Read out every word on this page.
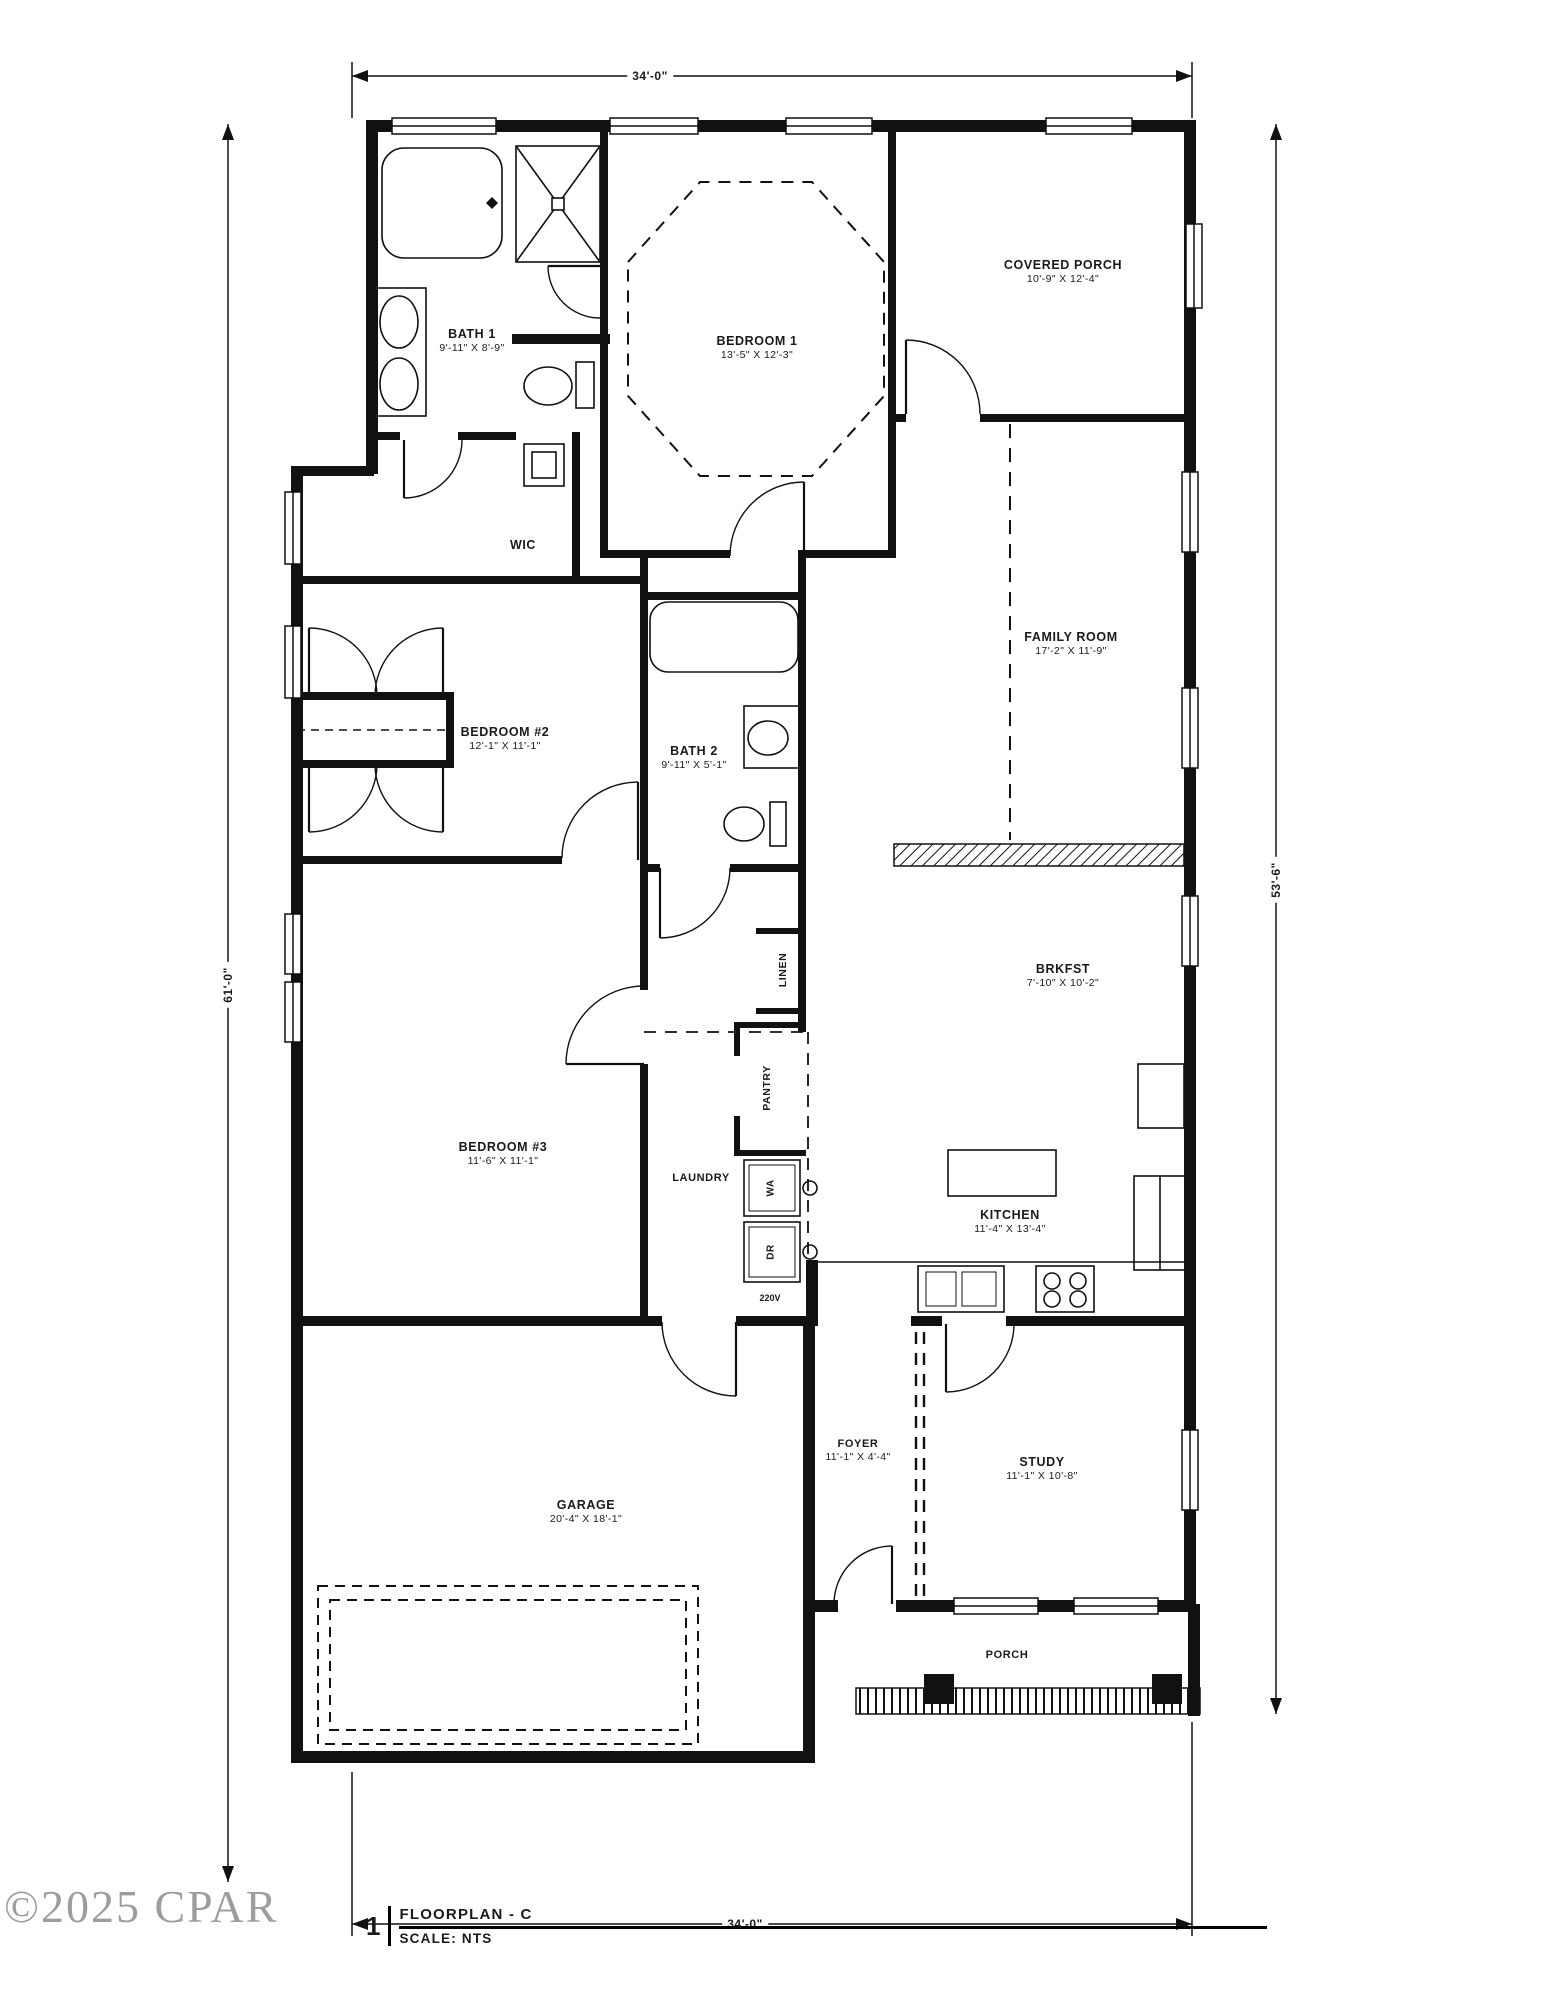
BATH 1
9'-11" X 8'-9"
BEDROOM 1
13'-5" X 12'-3"
COVERED PORCH
10'-9" X 12'-4"
WIC
FAMILY ROOM
17'-2" X 11'-9"
BEDROOM #2
12'-1" X 11'-1"	BATH 2
9'-11" X 5'-1"
BRKFST
7'-10" X 10'-2"
LINEN
PANTRY
BEDROOM #3
11'-6" X 11'-1"
LAUNDRY
KITCHEN
11'-4" X 13'-4"
FOYER
11'-1" X 4'-4"	STUDY
11'-1" X 10'-8"
GARAGE
20'-4" X 18'-1"
PORCH
WA
DR
220V
34'-0"
34'-0"
61'-0"
53'-6"
©2025 CPAR	1	FLOORPLAN - C
SCALE: NTS
